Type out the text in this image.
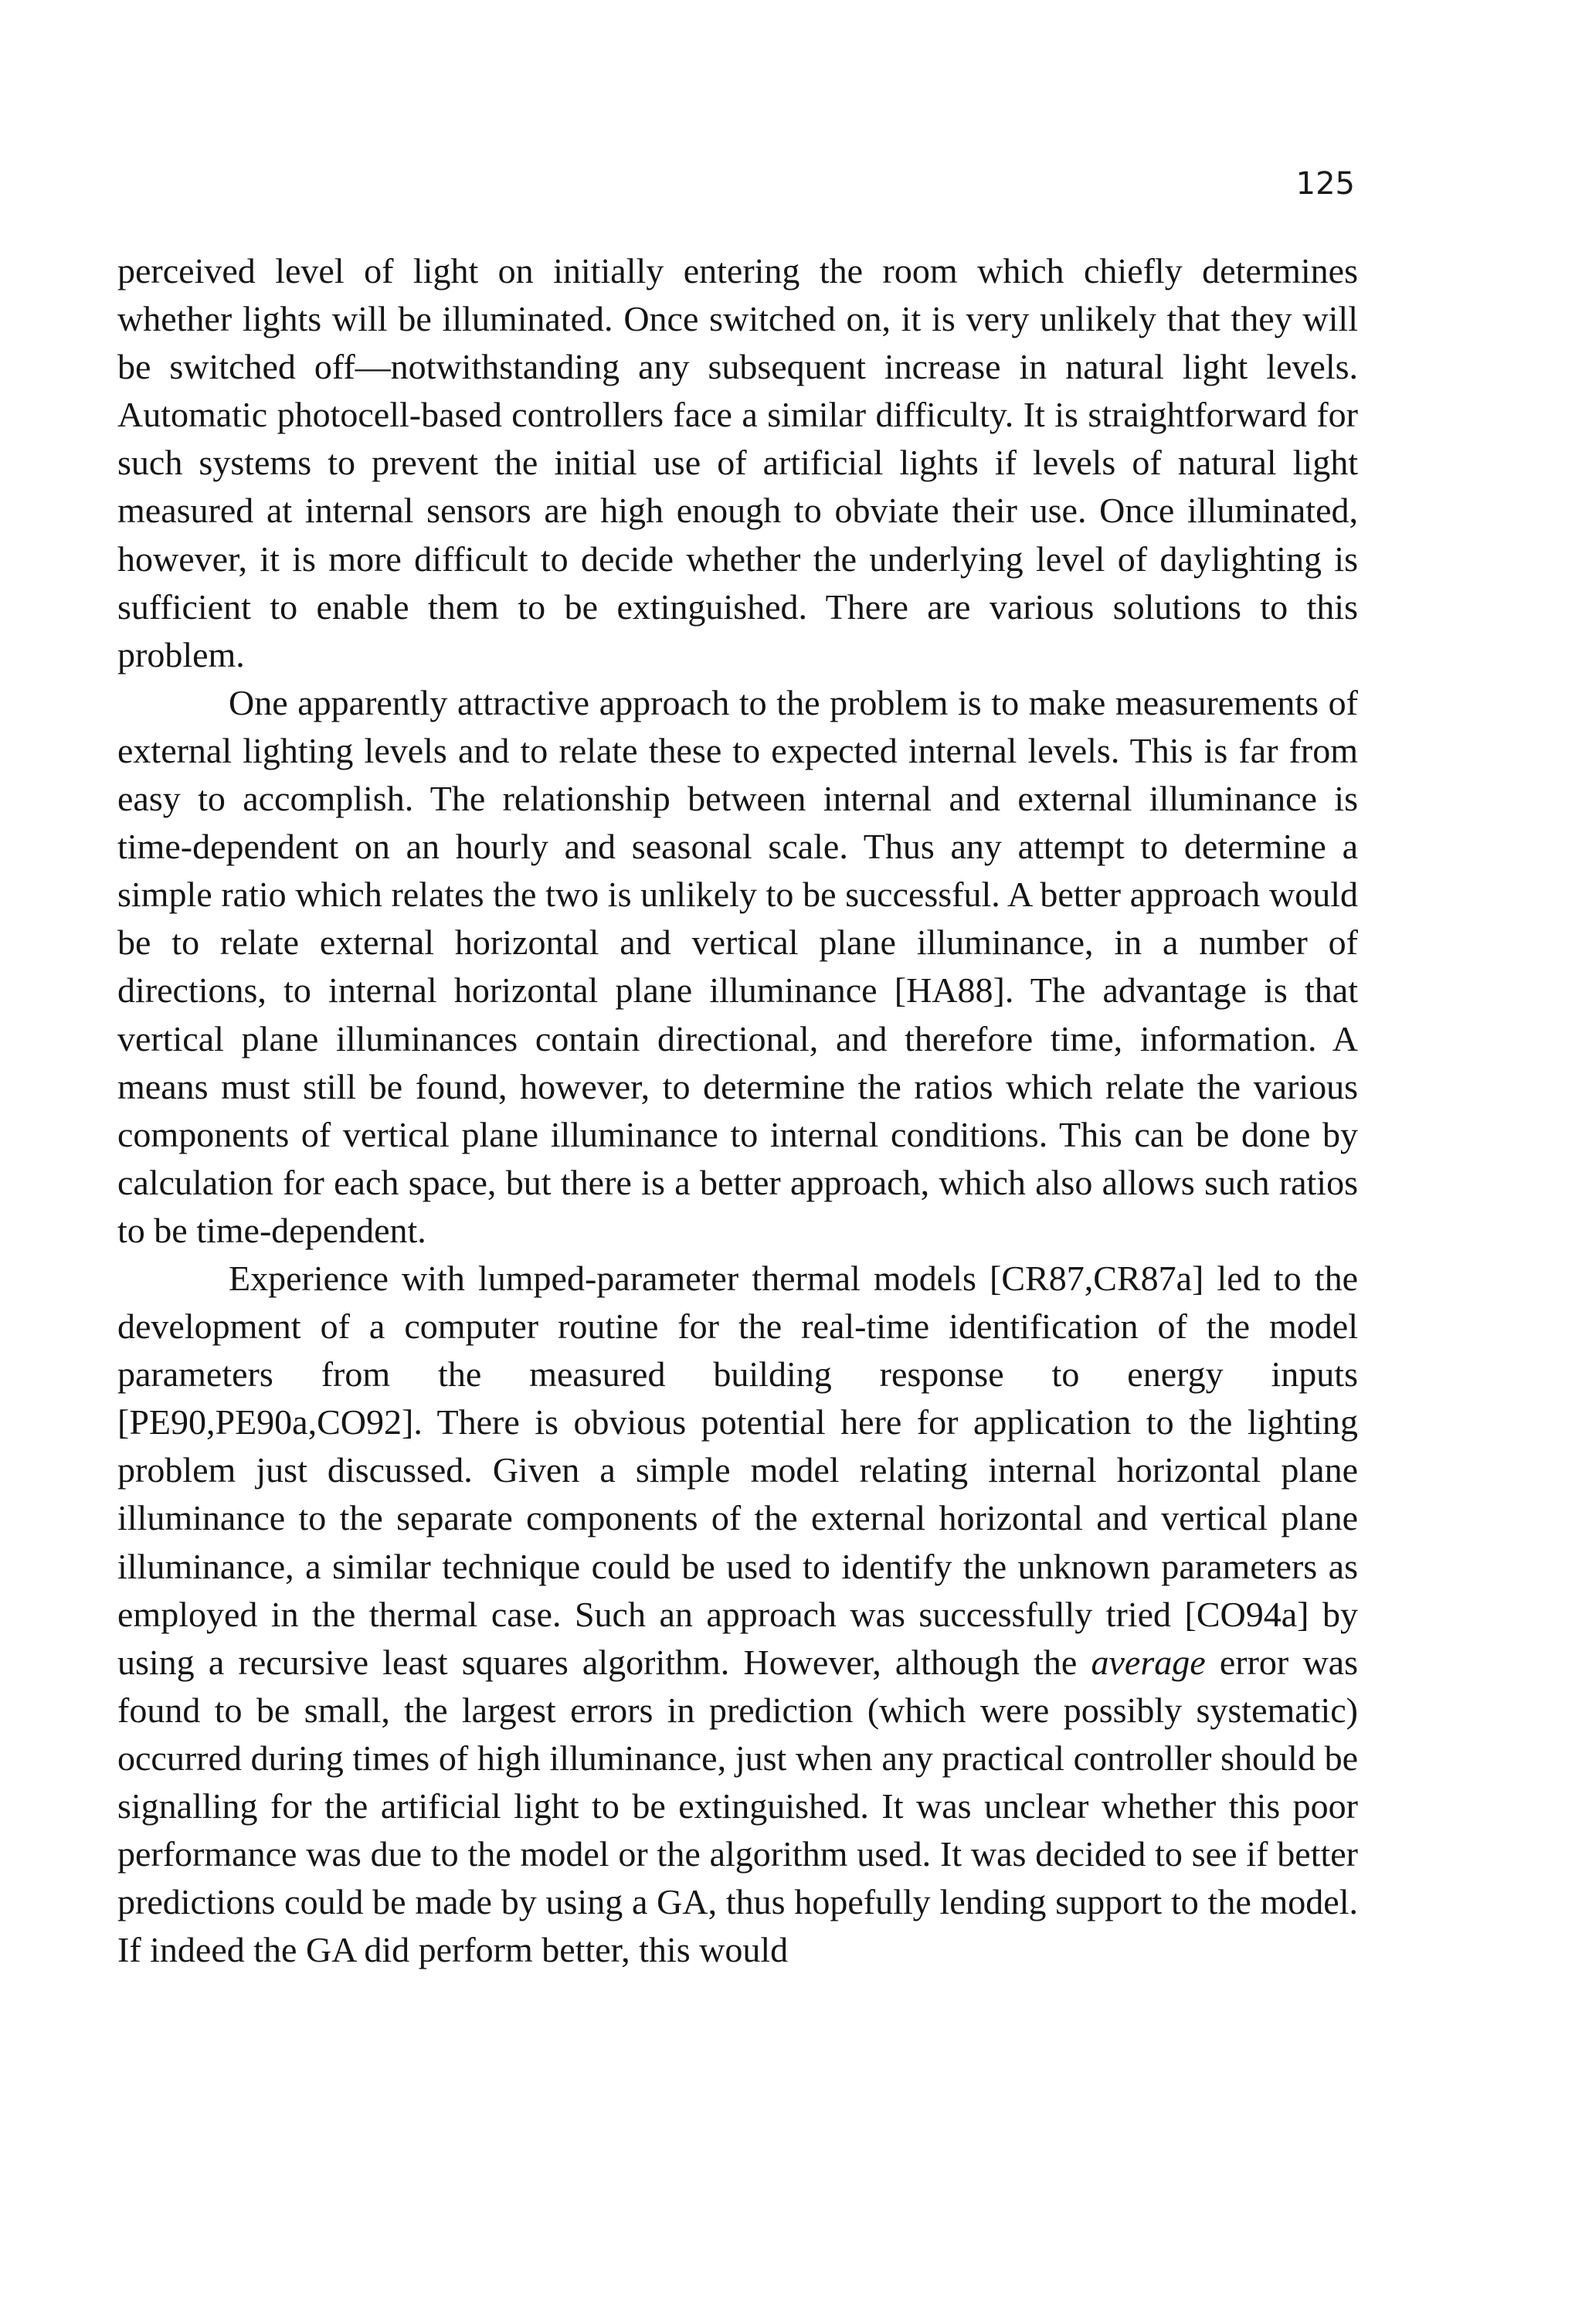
125

perceived level of light on initially entering the room which chiefly determines whether lights will be illuminated. Once switched on, it is very unlikely that they will be switched off—notwithstanding any subsequent increase in natural light levels. Automatic photocell-based controllers face a similar difficulty. It is straightforward for such systems to prevent the initial use of artificial lights if levels of natural light measured at internal sensors are high enough to obviate their use. Once illuminated, however, it is more difficult to decide whether the underlying level of daylighting is sufficient to enable them to be extinguished. There are various solutions to this problem.

One apparently attractive approach to the problem is to make measurements of external lighting levels and to relate these to expected internal levels. This is far from easy to accomplish. The relationship between internal and external illuminance is time-dependent on an hourly and seasonal scale. Thus any attempt to determine a simple ratio which relates the two is unlikely to be successful. A better approach would be to relate external horizontal and vertical plane illuminance, in a number of directions, to internal horizontal plane illuminance [HA88]. The advantage is that vertical plane illuminances contain directional, and therefore time, information. A means must still be found, however, to determine the ratios which relate the various components of vertical plane illuminance to internal conditions. This can be done by calculation for each space, but there is a better approach, which also allows such ratios to be time-dependent.

Experience with lumped-parameter thermal models [CR87,CR87a] led to the development of a computer routine for the real-time identification of the model parameters from the measured building response to energy inputs [PE90,PE90a,CO92]. There is obvious potential here for application to the lighting problem just discussed. Given a simple model relating internal horizontal plane illuminance to the separate components of the external horizontal and vertical plane illuminance, a similar technique could be used to identify the unknown parameters as employed in the thermal case. Such an approach was successfully tried [CO94a] by using a recursive least squares algorithm. However, although the average error was found to be small, the largest errors in prediction (which were possibly systematic) occurred during times of high illuminance, just when any practical controller should be signalling for the artificial light to be extinguished. It was unclear whether this poor performance was due to the model or the algorithm used. It was decided to see if better predictions could be made by using a GA, thus hopefully lending support to the model. If indeed the GA did perform better, this would
